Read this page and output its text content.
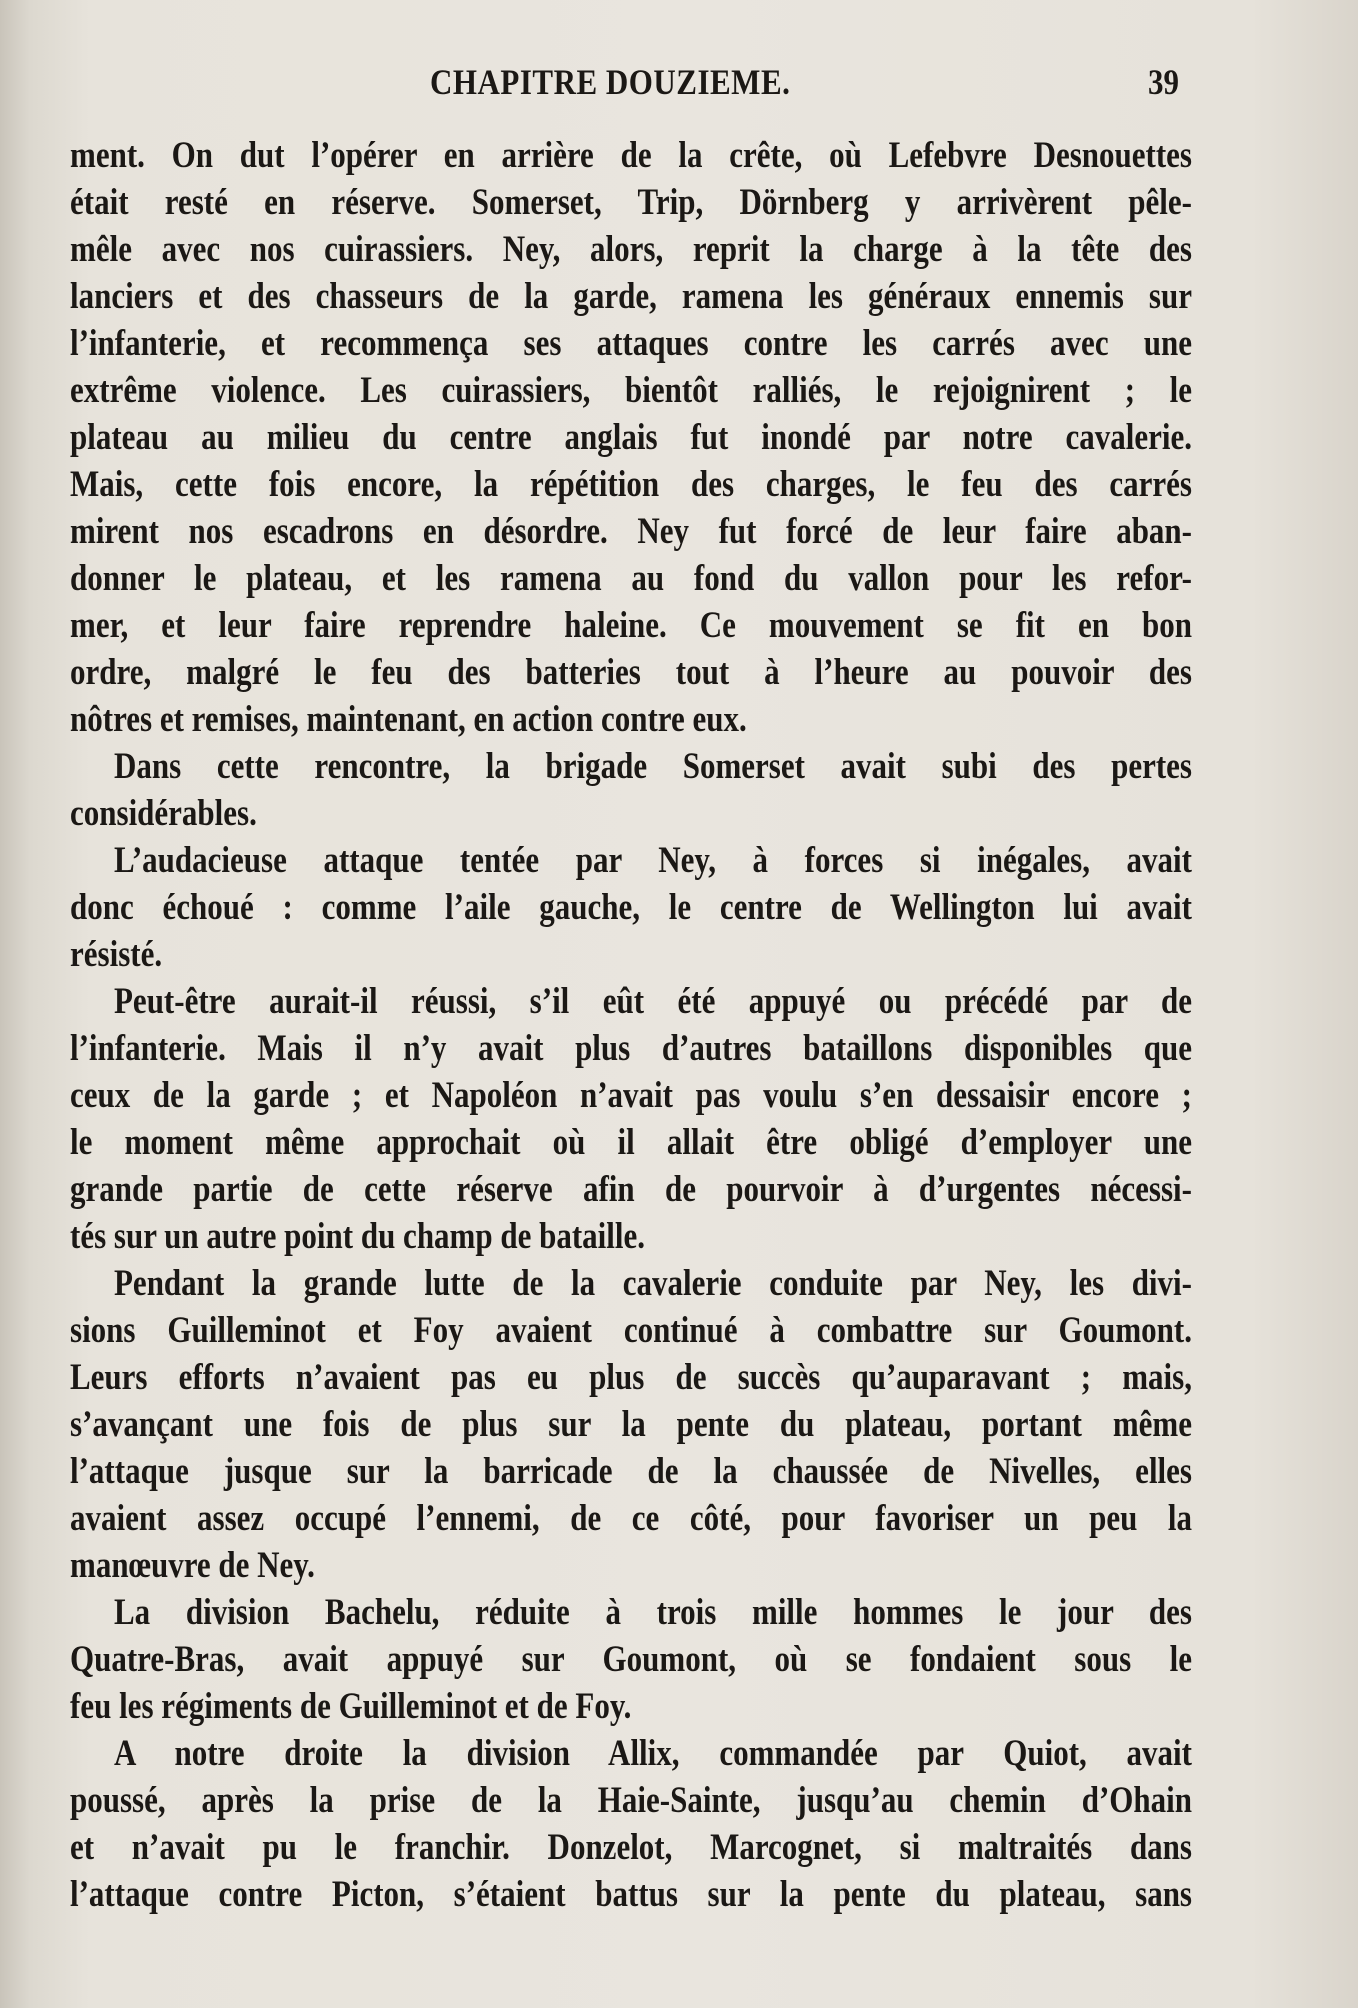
CHAPITRE DOUZIEME.	39
ment. On dut l’opérer en arrière de la crête, où Lefebvre Desnouettes
était resté en réserve. Somerset, Trip, Dörnberg y arrivèrent pêle-
mêle avec nos cuirassiers. Ney, alors, reprit la charge à la tête des
lanciers et des chasseurs de la garde, ramena les généraux ennemis sur
l’infanterie, et recommença ses attaques contre les carrés avec une
extrême violence. Les cuirassiers, bientôt ralliés, le rejoignirent ; le
plateau au milieu du centre anglais fut inondé par notre cavalerie.
Mais, cette fois encore, la répétition des charges, le feu des carrés
mirent nos escadrons en désordre. Ney fut forcé de leur faire aban-
donner le plateau, et les ramena au fond du vallon pour les refor-
mer, et leur faire reprendre haleine. Ce mouvement se fit en bon
ordre, malgré le feu des batteries tout à l’heure au pouvoir des
nôtres et remises, maintenant, en action contre eux.
Dans cette rencontre, la brigade Somerset avait subi des pertes
considérables.
L’audacieuse attaque tentée par Ney, à forces si inégales, avait
donc échoué : comme l’aile gauche, le centre de Wellington lui avait
résisté.
Peut-être aurait-il réussi, s’il eût été appuyé ou précédé par de
l’infanterie. Mais il n’y avait plus d’autres bataillons disponibles que
ceux de la garde ; et Napoléon n’avait pas voulu s’en dessaisir encore ;
le moment même approchait où il allait être obligé d’employer une
grande partie de cette réserve afin de pourvoir à d’urgentes nécessi-
tés sur un autre point du champ de bataille.
Pendant la grande lutte de la cavalerie conduite par Ney, les divi-
sions Guilleminot et Foy avaient continué à combattre sur Goumont.
Leurs efforts n’avaient pas eu plus de succès qu’auparavant ; mais,
s’avançant une fois de plus sur la pente du plateau, portant même
l’attaque jusque sur la barricade de la chaussée de Nivelles, elles
avaient assez occupé l’ennemi, de ce côté, pour favoriser un peu la
manœuvre de Ney.
La division Bachelu, réduite à trois mille hommes le jour des
Quatre-Bras, avait appuyé sur Goumont, où se fondaient sous le
feu les régiments de Guilleminot et de Foy.
A notre droite la division Allix, commandée par Quiot, avait
poussé, après la prise de la Haie-Sainte, jusqu’au chemin d’Ohain
et n’avait pu le franchir. Donzelot, Marcognet, si maltraités dans
l’attaque contre Picton, s’étaient battus sur la pente du plateau, sans
